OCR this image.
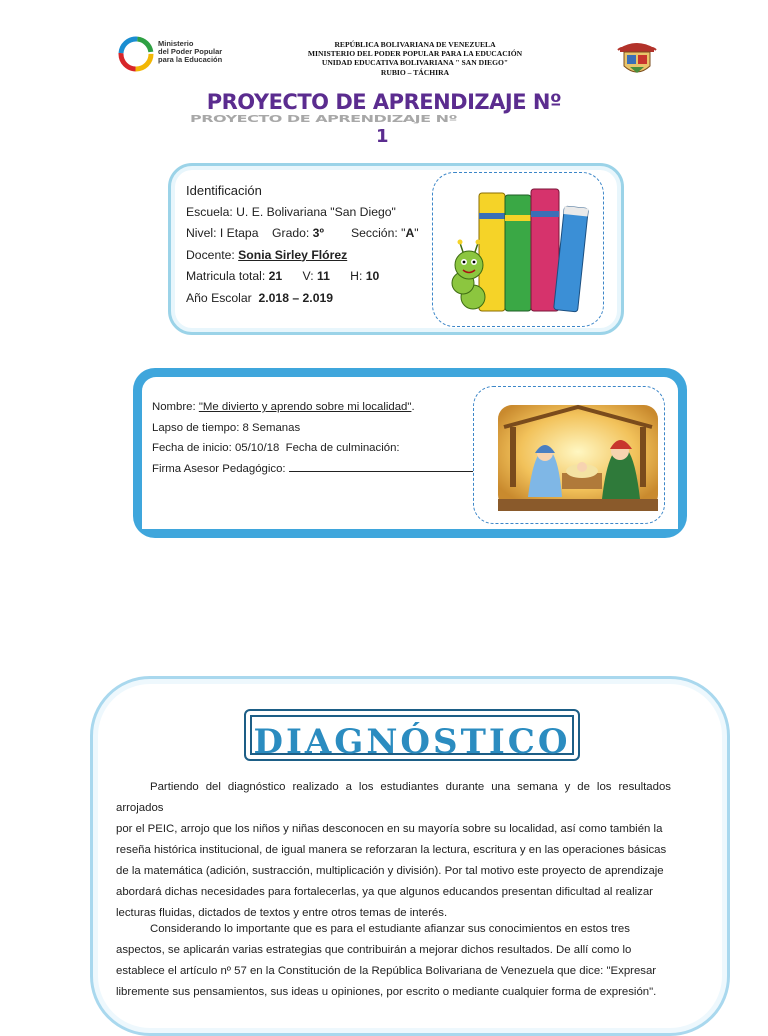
Ministerio
del Poder Popular
para la Educación
REPÚBLICA BOLIVARIANA DE VENEZUELA
MINISTERIO DEL PODER POPULAR PARA LA EDUCACIÓN
UNIDAD EDUCATIVA BOLIVARIANA " SAN DIEGO"
RUBIO – TÁCHIRA
PROYECTO DE APRENDIZAJE Nº
PROYECTO DE APRENDIZAJE Nº
1
Identificación
Escuela: U. E. Bolivariana "San Diego"
Nivel: I Etapa    Grado: 3º        Sección: "A"
Docente: Sonia Sirley Flórez
Matricula total: 21      V: 11      H: 10
Año Escolar  2.018 – 2.019
Nombre: "Me divierto y aprendo sobre mi localidad".
Lapso de tiempo: 8 Semanas
Fecha de inicio: 05/10/18  Fecha de culminación:
Firma Asesor Pedagógico:
DIAGNÓSTICO
Partiendo del diagnóstico realizado a los estudiantes durante una semana y de los resultados arrojados
por el PEIC, arrojo que los niños y niñas desconocen en su mayoría sobre su localidad, así como también la
reseña histórica institucional, de igual manera se reforzaran la lectura, escritura y en las operaciones básicas
de la matemática (adición, sustracción, multiplicación y división). Por tal motivo este proyecto de aprendizaje
abordará dichas necesidades para fortalecerlas, ya que algunos educandos presentan dificultad al realizar
lecturas fluidas, dictados de textos y entre otros temas de interés.
Considerando lo importante que es para el estudiante afianzar sus conocimientos en estos tres
aspectos, se aplicarán varias estrategias que contribuirán a mejorar dichos resultados. De allí como lo
establece el artículo nº 57 en la Constitución de la República Bolivariana de Venezuela que dice: "Expresar
libremente sus pensamientos, sus ideas u opiniones, por escrito o mediante cualquier forma de expresión".
